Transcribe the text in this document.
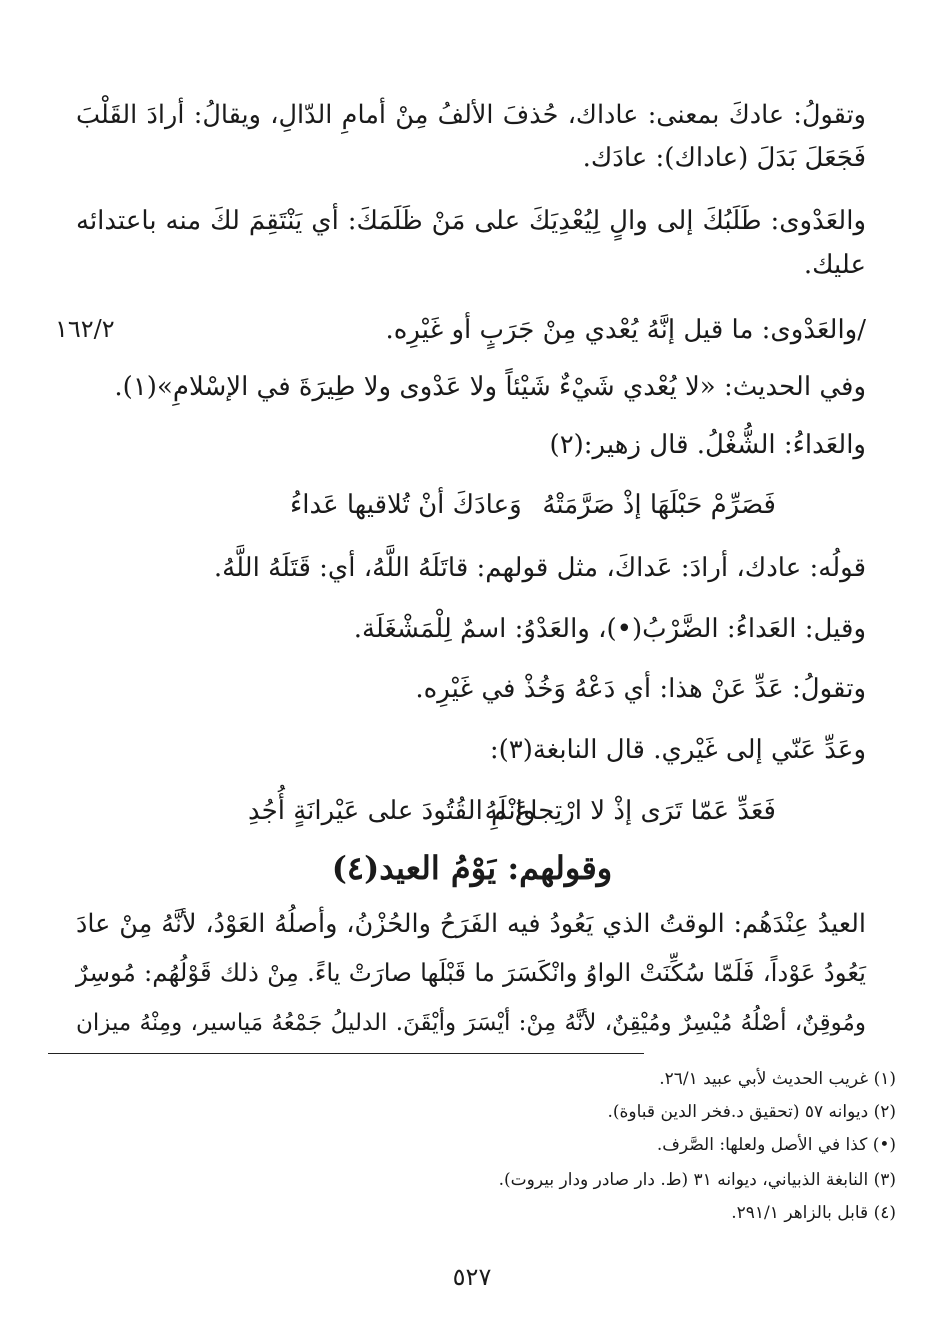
وتقولُ: عادكَ بمعنى: عاداك، حُذفَ الألفُ مِنْ أمامِ الدّالِ، ويقالُ: أرادَ القَلْبَ
فَجَعَلَ بَدَلَ (عاداك): عادَك.
والعَدْوى: طَلَبُكَ إلى والٍ لِيُعْدِيَكَ على مَنْ ظَلَمَكَ: أي يَنْتَقِمَ لكَ منه باعتدائه
عليك.
١٦٢/٢	/والعَدْوى: ما قيل إنَّهُ يُعْدي مِنْ جَرَبٍ أو غَيْرِه.
وفي الحديث: «لا يُعْدي شَيْءٌ شَيْئاً ولا عَدْوى ولا طِيرَةَ في الإسْلامِ»(١).
والعَداءُ: الشُّغْلُ. قال زهير:(٢)
فَصَرِّمْ حَبْلَهَا إذْ صَرَّمَتْهُ
وَعادَكَ أنْ تُلاقيها عَداءُ
قولُه: عادك، أرادَ: عَداكَ، مثل قولهم: قاتَلَهُ اللَّهُ، أي: قَتَلَهُ اللَّهُ.
وقيل: العَداءُ: الضَّرْبُ(•)، والعَدْوُ: اسمٌ لِلْمَشْغَلَة.
وتقولُ: عَدِّ عَنْ هذا: أي دَعْهُ وَخُذْ في غَيْرِه.
وعَدِّ عَنّي إلى غَيْري. قال النابغة(٣):
فَعَدِّ عَمّا تَرَى إذْ لا ارْتِجاعَ لَهُ
وانْمِ القُتُودَ على عَيْرانَةٍ أُجُدِ
وقولهم: يَوْمُ العيد(٤)
العيدُ عِنْدَهُم: الوقتُ الذي يَعُودُ فيه الفَرَحُ والحُزْنُ، وأصلُهُ العَوْدُ، لأنَّهُ مِنْ عادَ
يَعُودُ عَوْداً، فَلَمّا سُكِّنَتْ الواوُ وانْكَسَرَ ما قَبْلَها صارَتْ ياءً. مِنْ ذلك قَوْلُهُم: مُوسِرٌ
ومُوقِنٌ، أصْلُهُ مُيْسِرٌ ومُيْقِنٌ، لأنَّهُ مِنْ: أيْسَرَ وأيْقَنَ. الدليلُ جَمْعُهُ مَياسير، ومِنْهُ ميزان
(١) غريب الحديث لأبي عبيد ٢٦/١.
(٢) ديوانه ٥٧ (تحقيق د.فخر الدين قباوة).
(•) كذا في الأصل ولعلها: الصَّرف.
(٣) النابغة الذبياني، ديوانه ٣١ (ط. دار صادر ودار بيروت).
(٤) قابل بالزاهر ٢٩١/١.
٥٢٧
